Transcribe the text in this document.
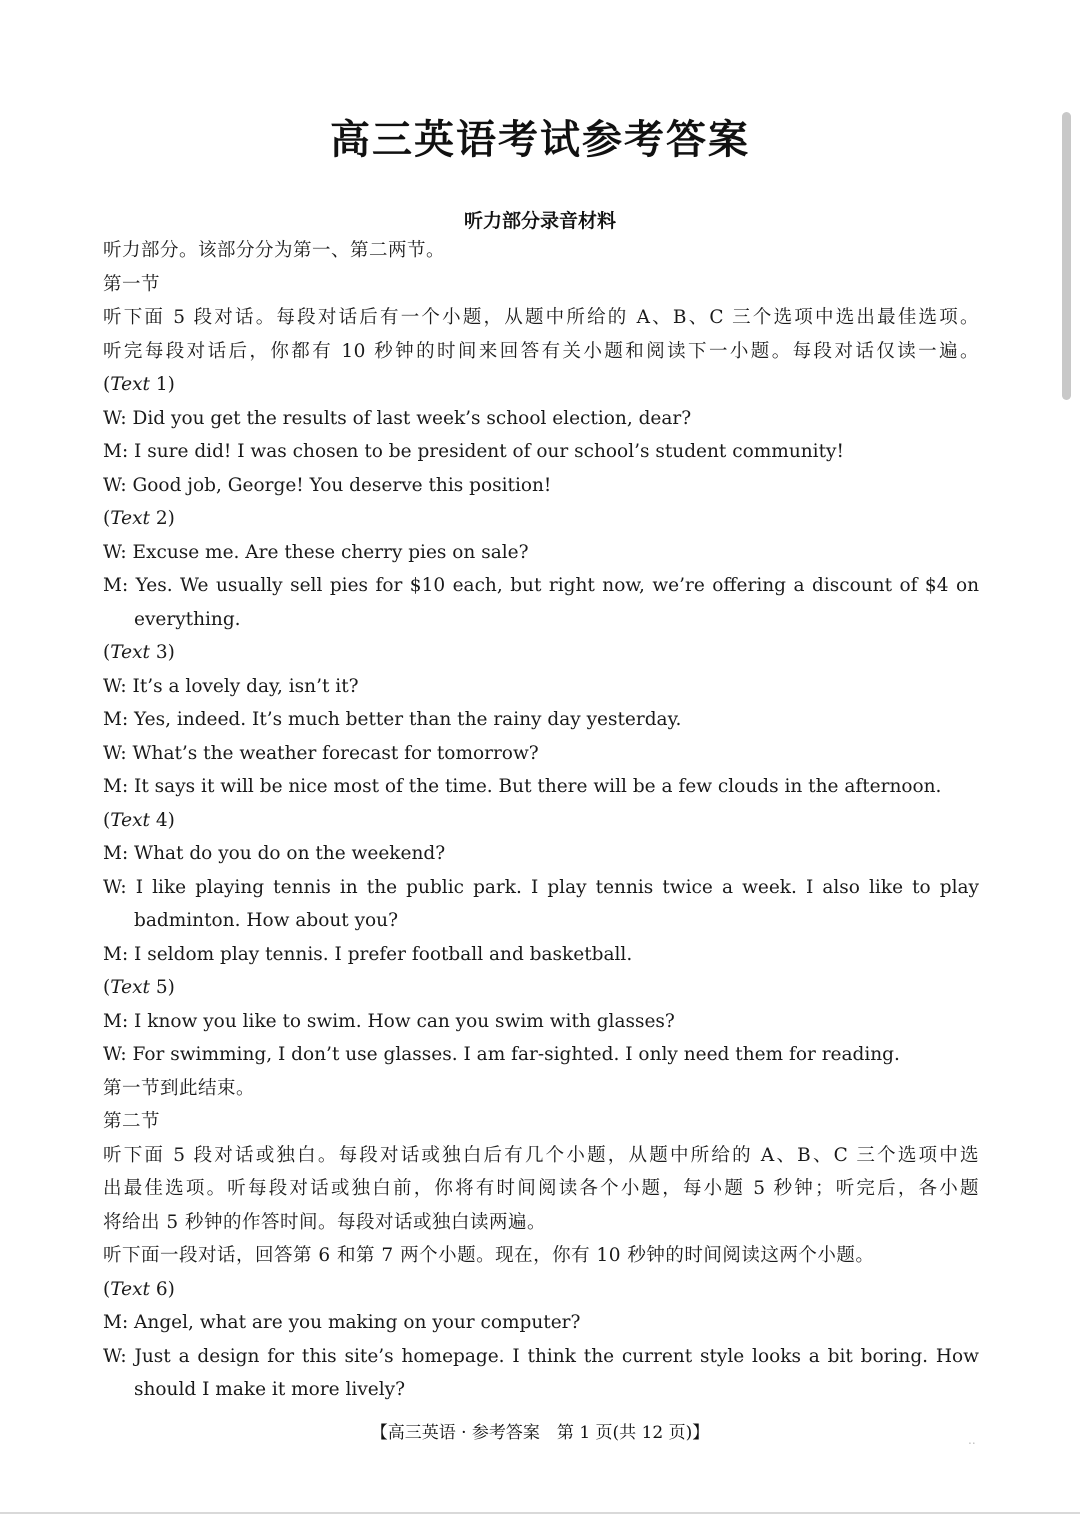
高三英语考试参考答案
听力部分录音材料
听力部分。该部分分为第一、第二两节。
第一节
听下面 5 段对话。每段对话后有一个小题，从题中所给的 A、B、C 三个选项中选出最佳选项。
听完每段对话后，你都有 10 秒钟的时间来回答有关小题和阅读下一小题。每段对话仅读一遍。
(Text 1)
W: Did you get the results of last week’s school election, dear?
M: I sure did! I was chosen to be president of our school’s student community!
W: Good job, George! You deserve this position!
(Text 2)
W: Excuse me. Are these cherry pies on sale?
M: Yes. We usually sell pies for $10 each, but right now, we’re offering a discount of $4 on
everything.
(Text 3)
W: It’s a lovely day, isn’t it?
M: Yes, indeed. It’s much better than the rainy day yesterday.
W: What’s the weather forecast for tomorrow?
M: It says it will be nice most of the time. But there will be a few clouds in the afternoon.
(Text 4)
M: What do you do on the weekend?
W: I like playing tennis in the public park. I play tennis twice a week. I also like to play
badminton. How about you?
M: I seldom play tennis. I prefer football and basketball.
(Text 5)
M: I know you like to swim. How can you swim with glasses?
W: For swimming, I don’t use glasses. I am far-sighted. I only need them for reading.
第一节到此结束。
第二节
听下面 5 段对话或独白。每段对话或独白后有几个小题，从题中所给的 A、B、C 三个选项中选
出最佳选项。听每段对话或独白前，你将有时间阅读各个小题，每小题 5 秒钟；听完后，各小题
将给出 5 秒钟的作答时间。每段对话或独白读两遍。
听下面一段对话，回答第 6 和第 7 两个小题。现在，你有 10 秒钟的时间阅读这两个小题。
(Text 6)
M: Angel, what are you making on your computer?
W: Just a design for this site’s homepage. I think the current style looks a bit boring. How
should I make it more lively?
【高三英语 · 参考答案　第 1 页(共 12 页)】	..
